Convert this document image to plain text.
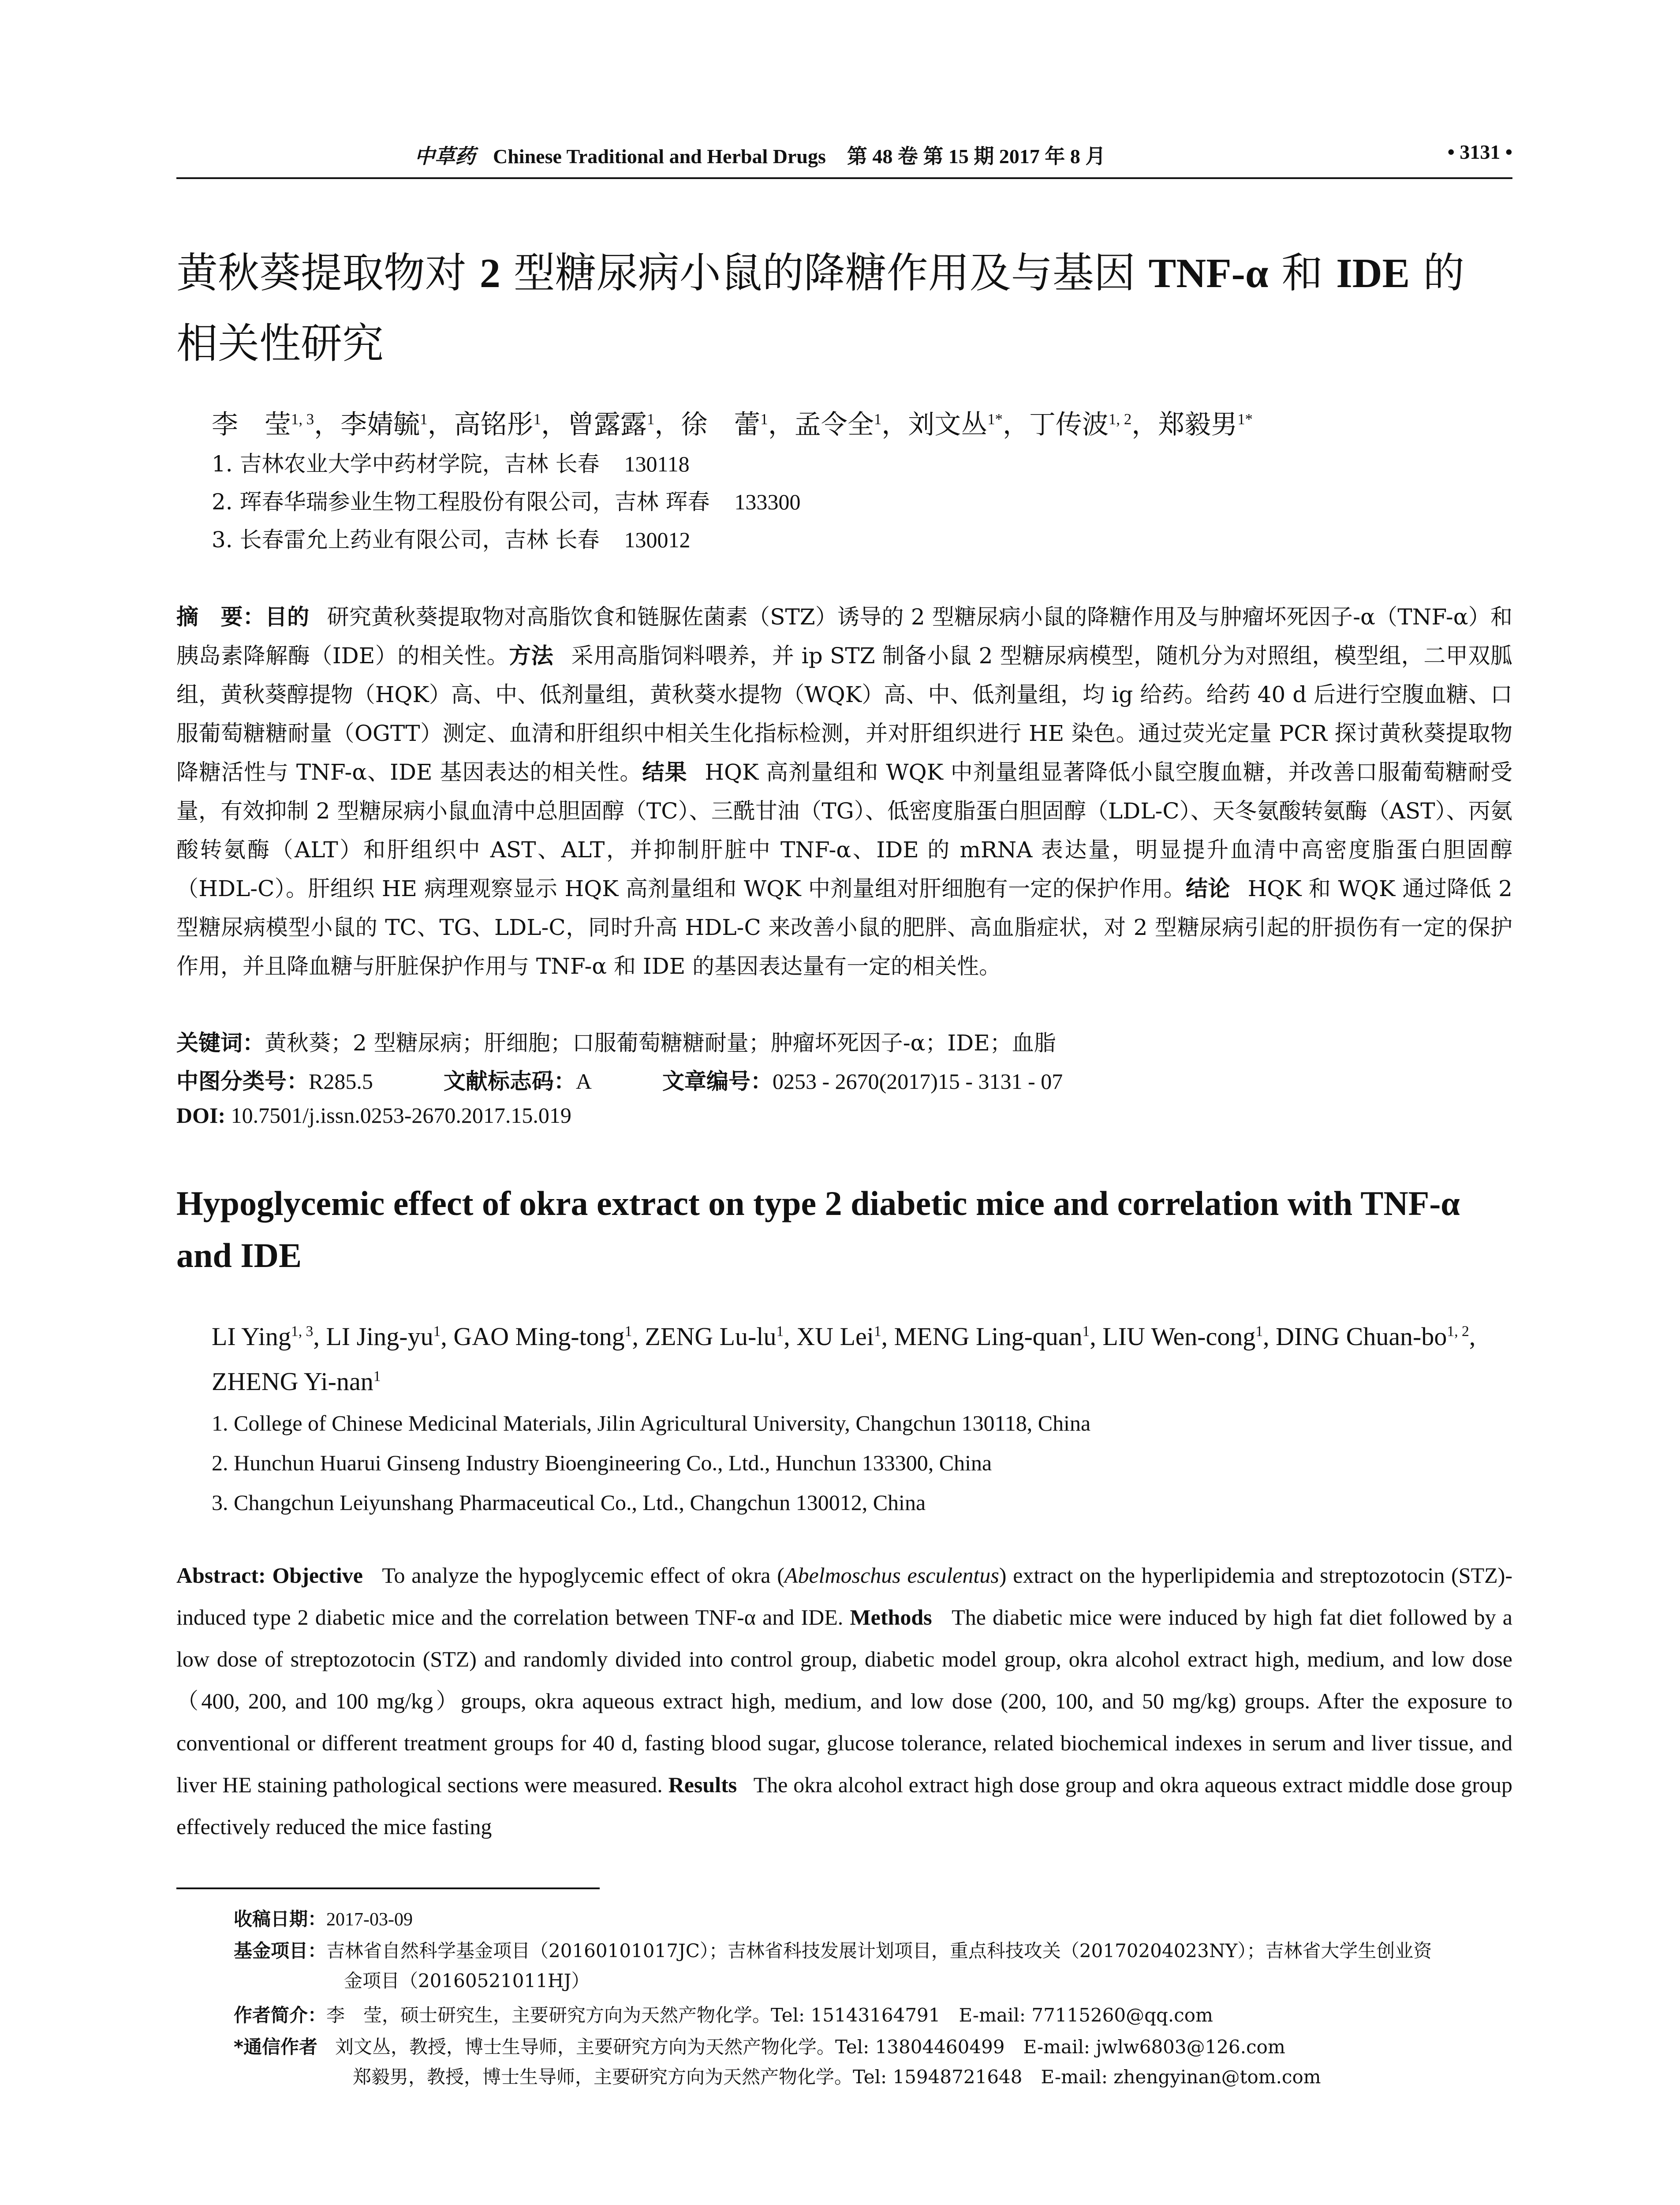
中草药 Chinese Traditional and Herbal Drugs 第 48 卷 第 15 期 2017 年 8 月	• 3131 •
黄秋葵提取物对 2 型糖尿病小鼠的降糖作用及与基因 TNF-α 和 IDE 的
相关性研究
李　莹$^{1, 3}$，李婧毓$^1$，高铭彤$^1$，曾露露$^1$，徐　蕾$^1$，孟令全$^1$，刘文丛$^{1*}$，丁传波$^{1, 2}$，郑毅男$^{1*}$
1. 吉林农业大学中药材学院，吉林 长春 130118
2. 珲春华瑞参业生物工程股份有限公司，吉林 珲春 133300
3. 长春雷允上药业有限公司，吉林 长春 130012
摘　要：目的 研究黄秋葵提取物对高脂饮食和链脲佐菌素（STZ）诱导的 2 型糖尿病小鼠的降糖作用及与肿瘤坏死因子-α（TNF-α）和胰岛素降解酶（IDE）的相关性。方法 采用高脂饲料喂养，并 ip STZ 制备小鼠 2 型糖尿病模型，随机分为对照组，模型组，二甲双胍组，黄秋葵醇提物（HQK）高、中、低剂量组，黄秋葵水提物（WQK）高、中、低剂量组，均 ig 给药。给药 40 d 后进行空腹血糖、口服葡萄糖糖耐量（OGTT）测定、血清和肝组织中相关生化指标检测，并对肝组织进行 HE 染色。通过荧光定量 PCR 探讨黄秋葵提取物降糖活性与 TNF-α、IDE 基因表达的相关性。结果 HQK 高剂量组和 WQK 中剂量组显著降低小鼠空腹血糖，并改善口服葡萄糖耐受量，有效抑制 2 型糖尿病小鼠血清中总胆固醇（TC）、三酰甘油（TG）、低密度脂蛋白胆固醇（LDL-C）、天冬氨酸转氨酶（AST）、丙氨酸转氨酶（ALT）和肝组织中 AST、ALT，并抑制肝脏中 TNF-α、IDE 的 mRNA 表达量，明显提升血清中高密度脂蛋白胆固醇（HDL-C）。肝组织 HE 病理观察显示 HQK 高剂量组和 WQK 中剂量组对肝细胞有一定的保护作用。结论 HQK 和 WQK 通过降低 2 型糖尿病模型小鼠的 TC、TG、LDL-C，同时升高 HDL-C 来改善小鼠的肥胖、高血脂症状，对 2 型糖尿病引起的肝损伤有一定的保护作用，并且降血糖与肝脏保护作用与 TNF-α 和 IDE 的基因表达量有一定的相关性。
关键词：黄秋葵；2 型糖尿病；肝细胞；口服葡萄糖糖耐量；肿瘤坏死因子-α；IDE；血脂
中图分类号：R285.5	文献标志码：A	文章编号：0253 - 2670(2017)15 - 3131 - 07
DOI: 10.7501/j.issn.0253-2670.2017.15.019
Hypoglycemic effect of okra extract on type 2 diabetic mice and correlation with TNF-α and IDE
LI Ying$^{1, 3}$, LI Jing-$yu^1$, GAO Ming-tong$^1$, ZENG $Lu-lu^1$, XU Lei$^1$, MENG Ling-quan$^1$, LIU Wen-cong$^1$, DING Chuan-bo$^{1, 2}$, ZHENG Yi-nan$^1$
1. College of Chinese Medicinal Materials, Jilin Agricultural University, Changchun 130118, China
2. Hunchun Huarui Ginseng Industry Bioengineering Co., Ltd., Hunchun 133300, China
3. Changchun Leiyunshang Pharmaceutical Co., Ltd., Changchun 130012, China
Abstract: Objective To analyze the hypoglycemic effect of okra (Abelmoschus esculentus) extract on the hyperlipidemia and streptozotocin (STZ)-induced type 2 diabetic mice and the correlation between TNF-α and IDE. Methods The diabetic mice were induced by high fat diet followed by a low dose of streptozotocin (STZ) and randomly divided into control group, diabetic model group, okra alcohol extract high, medium, and low dose（400, 200, and 100 mg/kg）groups, okra aqueous extract high, medium, and low dose (200, 100, and 50 mg/kg) groups. After the exposure to conventional or different treatment groups for 40 d, fasting blood sugar, glucose tolerance, related biochemical indexes in serum and liver tissue, and liver HE staining pathological sections were measured. Results The okra alcohol extract high dose group and okra aqueous extract middle dose group effectively reduced the mice fasting
收稿日期：2017-03-09
基金项目：吉林省自然科学基金项目（20160101017JC）；吉林省科技发展计划项目，重点科技攻关（20170204023NY）；吉林省大学生创业资
金项目（20160521011HJ）
作者简介：李　莹，硕士研究生，主要研究方向为天然产物化学。Tel: 15143164791　E-mail: 77115260@qq.com
*通信作者 刘文丛，教授，博士生导师，主要研究方向为天然产物化学。Tel: 13804460499　E-mail: jwlw6803@126.com
郑毅男，教授，博士生导师，主要研究方向为天然产物化学。Tel: 15948721648　E-mail: zhengyinan@tom.com
